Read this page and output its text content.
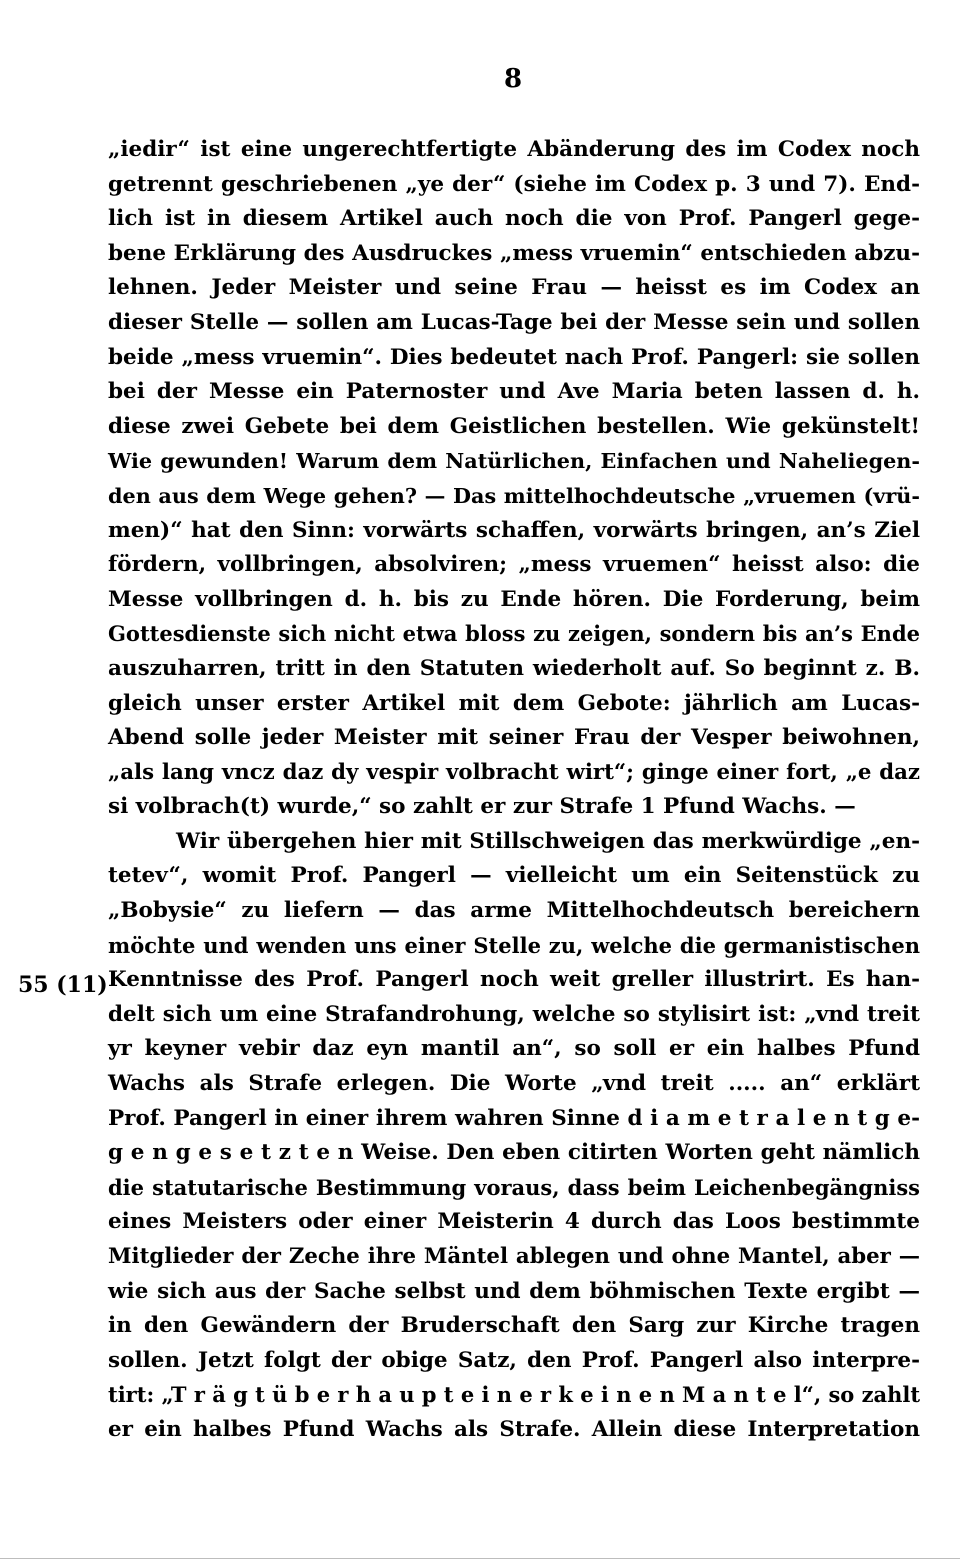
8
55 (11)
„iedir“ ist eine ungerechtfertigte Abänderung des im Codex noch
getrennt geschriebenen „ye der“ (siehe im Codex p. 3 und 7). End-
lich ist in diesem Artikel auch noch die von Prof. Pangerl gege-
bene Erklärung des Ausdruckes „mess vruemin“ entschieden abzu-
lehnen. Jeder Meister und seine Frau — heisst es im Codex an
dieser Stelle — sollen am Lucas-Tage bei der Messe sein und sollen
beide „mess vruemin“. Dies bedeutet nach Prof. Pangerl: sie sollen
bei der Messe ein Paternoster und Ave Maria beten lassen d. h.
diese zwei Gebete bei dem Geistlichen bestellen. Wie gekünstelt!
Wie gewunden! Warum dem Natürlichen, Einfachen und Naheliegen-
den aus dem Wege gehen? — Das mittelhochdeutsche „vruemen (vrü-
men)“ hat den Sinn: vorwärts schaffen, vorwärts bringen, an’s Ziel
fördern, vollbringen, absolviren; „mess vruemen“ heisst also: die
Messe vollbringen d. h. bis zu Ende hören. Die Forderung, beim
Gottesdienste sich nicht etwa bloss zu zeigen, sondern bis an’s Ende
auszuharren, tritt in den Statuten wiederholt auf. So beginnt z. B.
gleich unser erster Artikel mit dem Gebote: jährlich am Lucas-
Abend solle jeder Meister mit seiner Frau der Vesper beiwohnen,
„als lang vncz daz dy vespir volbracht wirt“; ginge einer fort, „e daz
si volbrach(t) wurde,“ so zahlt er zur Strafe 1 Pfund Wachs. —
Wir übergehen hier mit Stillschweigen das merkwürdige „en-
tetev“, womit Prof. Pangerl — vielleicht um ein Seitenstück zu
„Bobysie“ zu liefern — das arme Mittelhochdeutsch bereichern
möchte und wenden uns einer Stelle zu, welche die germanistischen
Kenntnisse des Prof. Pangerl noch weit greller illustrirt. Es han-
delt sich um eine Strafandrohung, welche so stylisirt ist: „vnd treit
yr keyner vebir daz eyn mantil an“, so soll er ein halbes Pfund
Wachs als Strafe erlegen. Die Worte „vnd treit ..... an“ erklärt
Prof. Pangerl in einer ihrem wahren Sinne d i a m e t r a l e n t g e-
g e n g e s e t z t e n Weise. Den eben citirten Worten geht nämlich
die statutarische Bestimmung voraus, dass beim Leichenbegängniss
eines Meisters oder einer Meisterin 4 durch das Loos bestimmte
Mitglieder der Zeche ihre Mäntel ablegen und ohne Mantel, aber —
wie sich aus der Sache selbst und dem böhmischen Texte ergibt —
in den Gewändern der Bruderschaft den Sarg zur Kirche tragen
sollen. Jetzt folgt der obige Satz, den Prof. Pangerl also interpre-
tirt: „T r ä g t ü b e r h a u p t e i n e r k e i n e n M a n t e l“, so zahlt
er ein halbes Pfund Wachs als Strafe. Allein diese Interpretation
